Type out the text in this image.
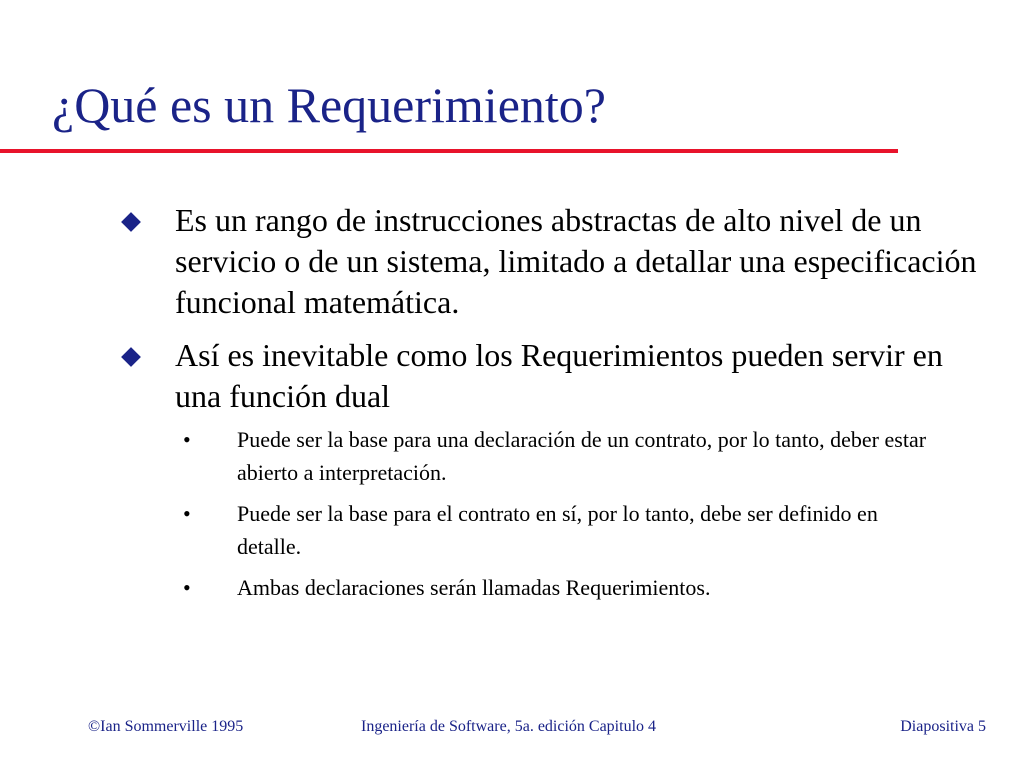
¿Qué es un Requerimiento?
Es un rango de instrucciones abstractas de alto nivel de un servicio o de un sistema, limitado a detallar una especificación funcional matemática.
Así es inevitable como los Requerimientos pueden servir en una función dual
• Puede ser la base para una declaración de un contrato, por lo tanto, deber estar abierto a interpretación.
• Puede ser la base para el contrato en sí, por lo tanto, debe ser definido en detalle.
• Ambas declaraciones serán llamadas Requerimientos.
©Ian Sommerville 1995	Ingeniería de Software, 5a. edición Capitulo 4	Diapositiva 5
